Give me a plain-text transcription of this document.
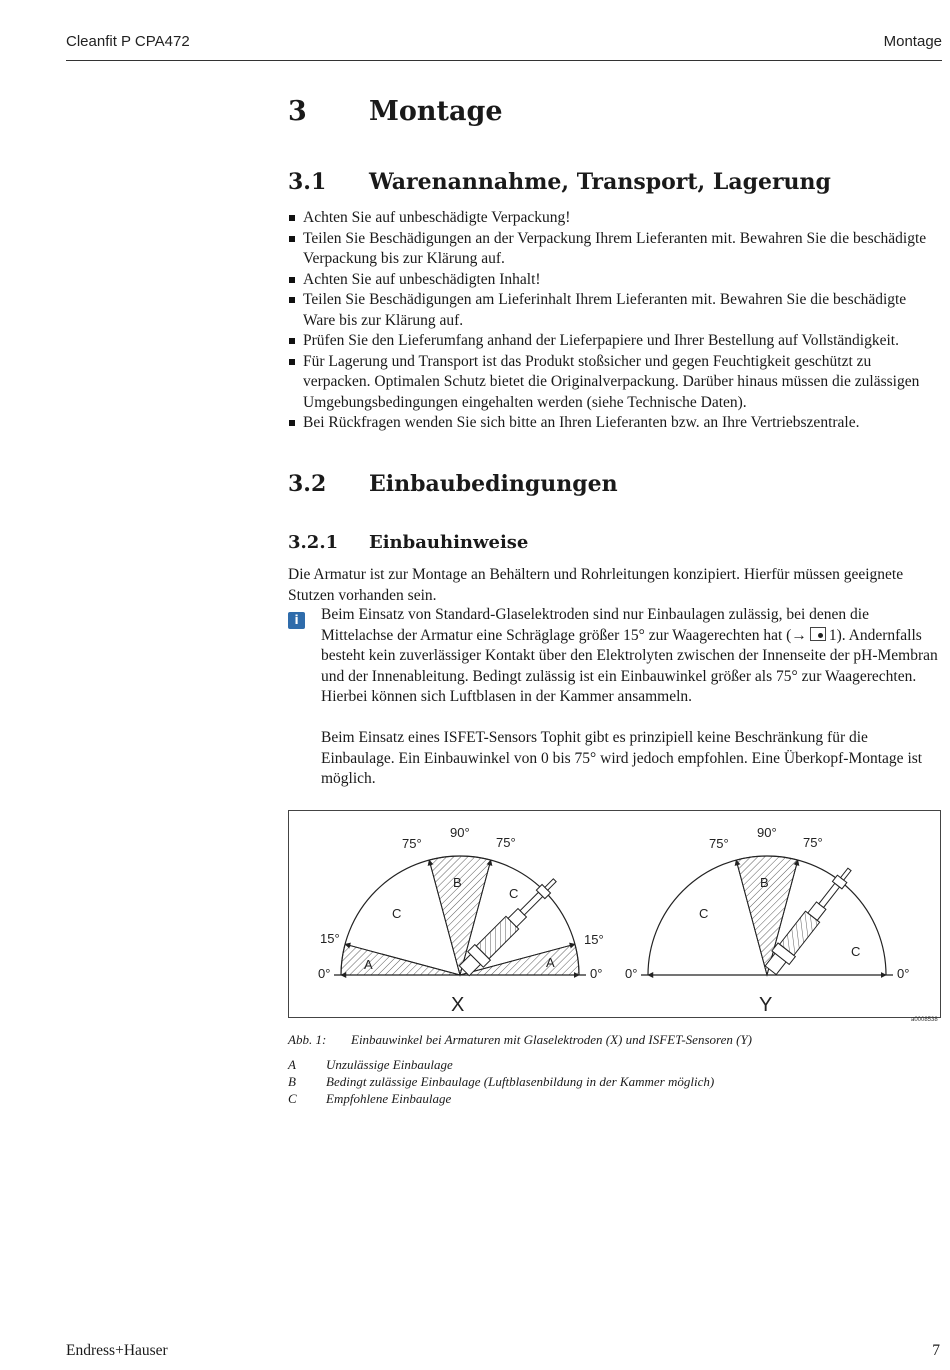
Cleanfit P CPA472	Montage
3 Montage
3.1 Warenannahme, Transport, Lagerung
Achten Sie auf unbeschädigte Verpackung!
Teilen Sie Beschädigungen an der Verpackung Ihrem Lieferanten mit. Bewahren Sie die beschädigte Verpackung bis zur Klärung auf.
Achten Sie auf unbeschädigten Inhalt!
Teilen Sie Beschädigungen am Lieferinhalt Ihrem Lieferanten mit. Bewahren Sie die beschädigte Ware bis zur Klärung auf.
Prüfen Sie den Lieferumfang anhand der Lieferpapiere und Ihrer Bestellung auf Vollständigkeit.
Für Lagerung und Transport ist das Produkt stoßsicher und gegen Feuchtigkeit geschützt zu verpacken. Optimalen Schutz bietet die Originalverpackung. Darüber hinaus müssen die zulässigen Umgebungsbedingungen eingehalten werden (siehe Technische Daten).
Bei Rückfragen wenden Sie sich bitte an Ihren Lieferanten bzw. an Ihre Vertriebszentrale.
3.2 Einbaubedingungen
3.2.1 Einbauhinweise
Die Armatur ist zur Montage an Behältern und Rohrleitungen konzipiert. Hierfür müssen geeignete Stutzen vorhanden sein.
i	Beim Einsatz von Standard-Glaselektroden sind nur Einbaulagen zulässig, bei denen die Mittelachse der Armatur eine Schräglage größer 15° zur Waagerechten hat (→ 1). Andernfalls besteht kein zuverlässiger Kontakt über den Elektrolyten zwischen der Innenseite der pH-Membran und der Innenableitung. Bedingt zulässig ist ein Einbauwinkel größer als 75° zur Waagerechten. Hierbei können sich Luftblasen in der Kammer ansammeln.
Beim Einsatz eines ISFET-Sensors Tophit gibt es prinzipiell keine Beschränkung für die Einbaulage. Ein Einbauwinkel von 0 bis 75° wird jedoch empfohlen. Eine Überkopf-Montage ist möglich.
0°
15°
75°
90°
75°
15°
0°
A
C
B
C
A
X
0°
75°
90°
75°
0°
C
B
C
Y
a0008538
Abb. 1: Einbauwinkel bei Armaturen mit Glaselektroden (X) und ISFET-Sensoren (Y)
A Unzulässige Einbaulage
B Bedingt zulässige Einbaulage (Luftblasenbildung in der Kammer möglich)
C Empfohlene Einbaulage
Endress+Hauser	7
